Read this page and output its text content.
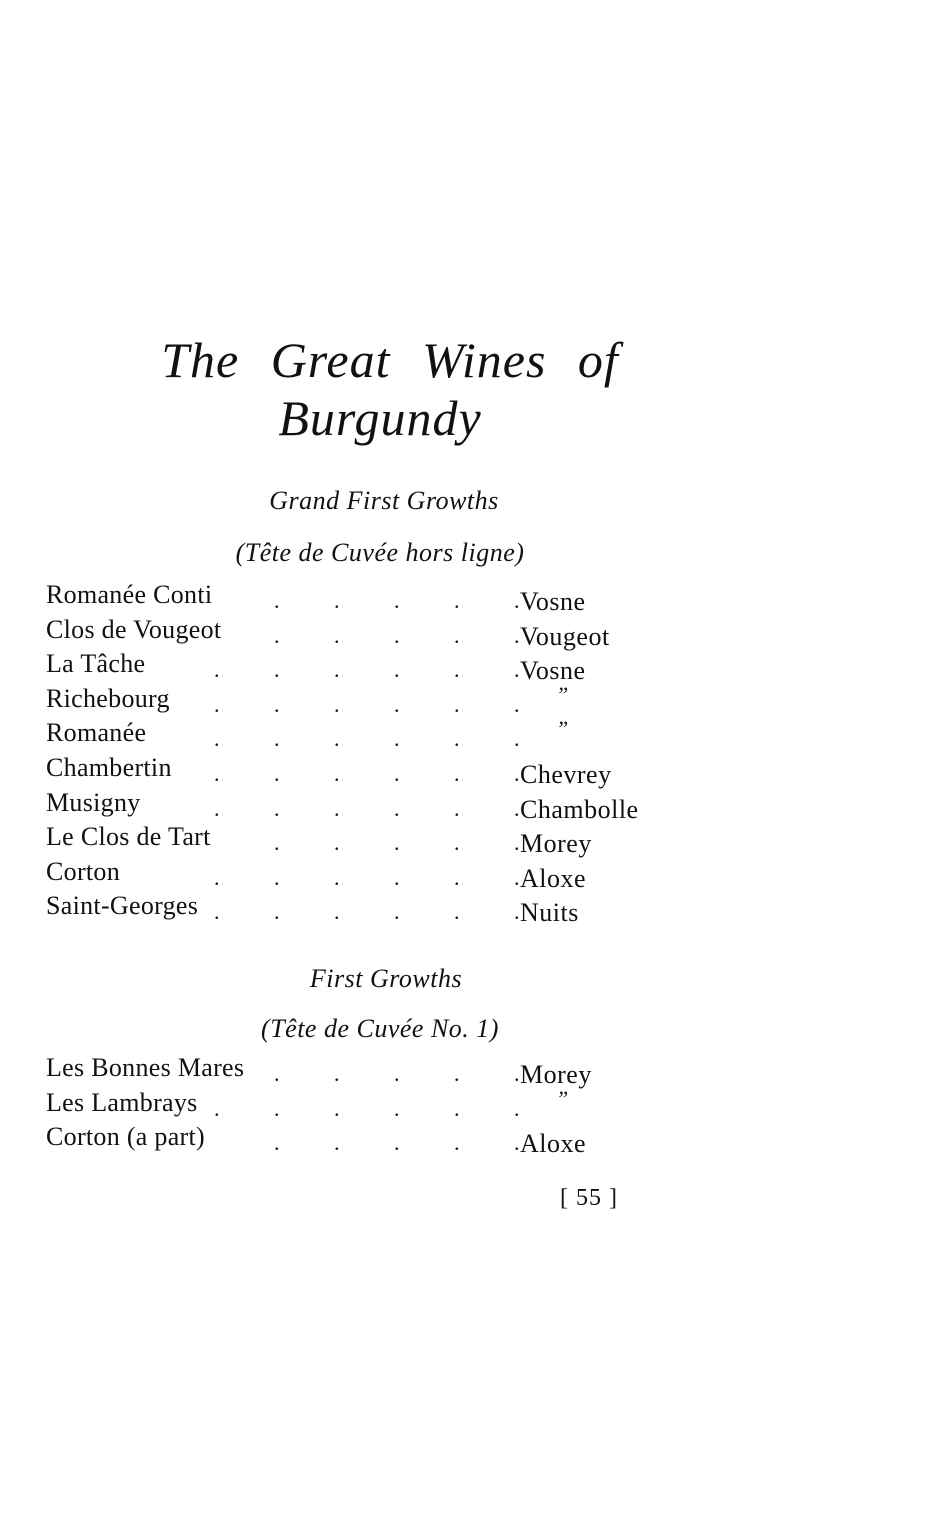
The Great Wines of
Burgundy

Grand First Growths

(Tête de Cuvée hors ligne)

Romanée Conti	. . . . . Vosne
Clos de Vougeot . . . . . Vougeot
La Tâche	. . . . . . Vosne
Richebourg . . . . . . ”
Romanée	. . . . . . ”
Chambertin . . . . . . Chevrey
Musigny	. . . . . . Chambolle
Le Clos de Tart	. . . . . Morey
Corton	. . . . . . Aloxe
Saint-Georges . . . . . . Nuits

First Growths

(Tête de Cuvée No. 1)

Les Bonnes Mares . . . . . Morey
Les Lambrays . . . . . . ”
Corton (a part)	. . . . . Aloxe
[ 55 ]
